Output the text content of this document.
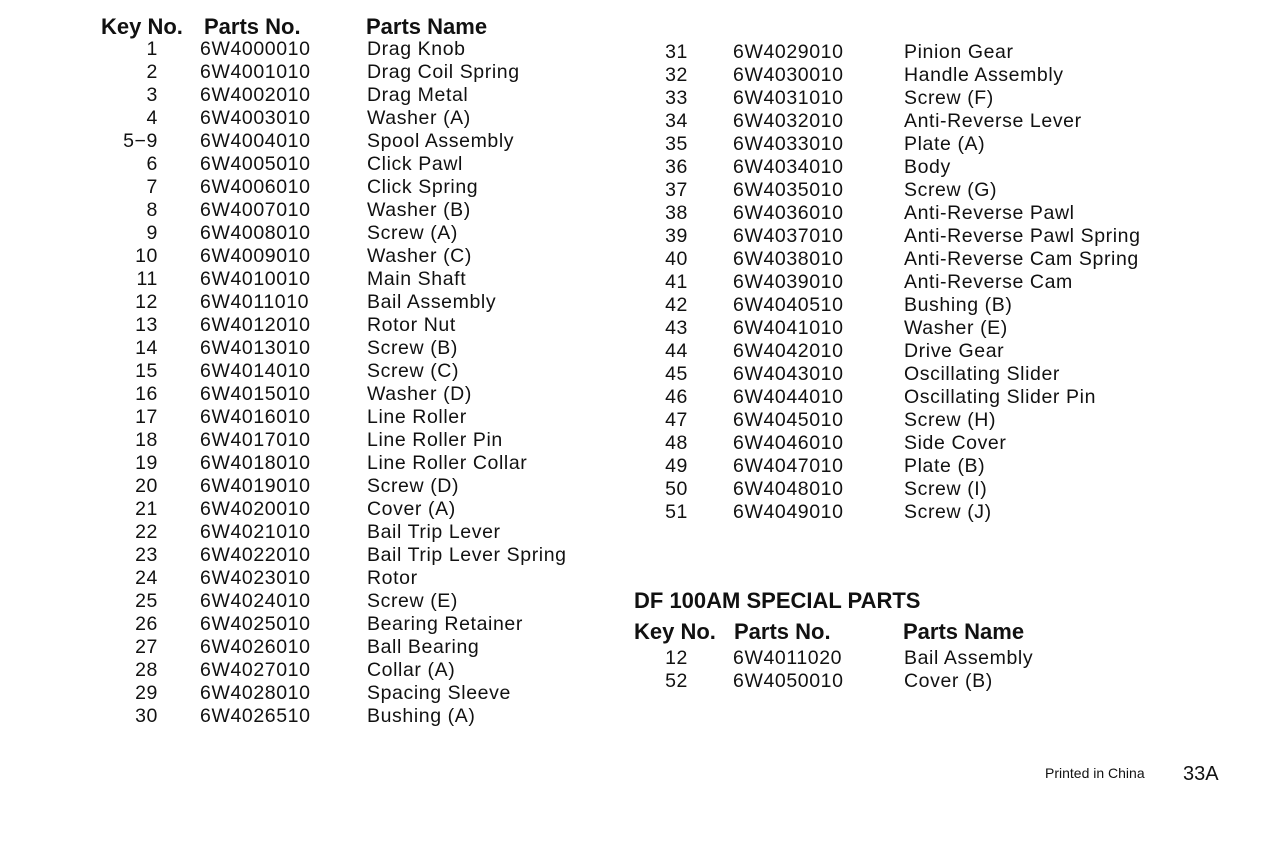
Key No. Parts No.	Parts Name
1 6W4000010	Drag Knob
2 6W4001010	Drag Coil Spring
3 6W4002010	Drag Metal
4 6W4003010	Washer (A)
5−9 6W4004010	Spool Assembly
6 6W4005010	Click Pawl
7 6W4006010	Click Spring
8 6W4007010	Washer (B)
9 6W4008010	Screw (A)
10 6W4009010	Washer (C)
11 6W4010010	Main Shaft
12 6W4011010	Bail Assembly
13 6W4012010	Rotor Nut
14 6W4013010	Screw (B)
15 6W4014010	Screw (C)
16 6W4015010	Washer (D)
17 6W4016010	Line Roller
18 6W4017010	Line Roller Pin
19 6W4018010	Line Roller Collar
20 6W4019010	Screw (D)
21 6W4020010	Cover (A)
22 6W4021010	Bail Trip Lever
23 6W4022010	Bail Trip Lever Spring
24 6W4023010	Rotor
25 6W4024010	Screw (E)
26 6W4025010	Bearing Retainer
27 6W4026010	Ball Bearing
28 6W4027010	Collar (A)
29 6W4028010	Spacing Sleeve
30 6W4026510	Bushing (A)
31 6W4029010	Pinion Gear
32 6W4030010	Handle Assembly
33 6W4031010	Screw (F)
34 6W4032010	Anti-Reverse Lever
35 6W4033010	Plate (A)
36 6W4034010	Body
37 6W4035010	Screw (G)
38 6W4036010	Anti-Reverse Pawl
39 6W4037010	Anti-Reverse Pawl Spring
40 6W4038010	Anti-Reverse Cam Spring
41 6W4039010	Anti-Reverse Cam
42 6W4040510	Bushing (B)
43 6W4041010	Washer (E)
44 6W4042010	Drive Gear
45 6W4043010	Oscillating Slider
46 6W4044010	Oscillating Slider Pin
47 6W4045010	Screw (H)
48 6W4046010	Side Cover
49 6W4047010	Plate (B)
50 6W4048010	Screw (I)
51 6W4049010	Screw (J)
DF 100AM SPECIAL PARTS
Key No. Parts No.	Parts Name
12 6W4011020	Bail Assembly
52 6W4050010	Cover (B)
Printed in China 33A
